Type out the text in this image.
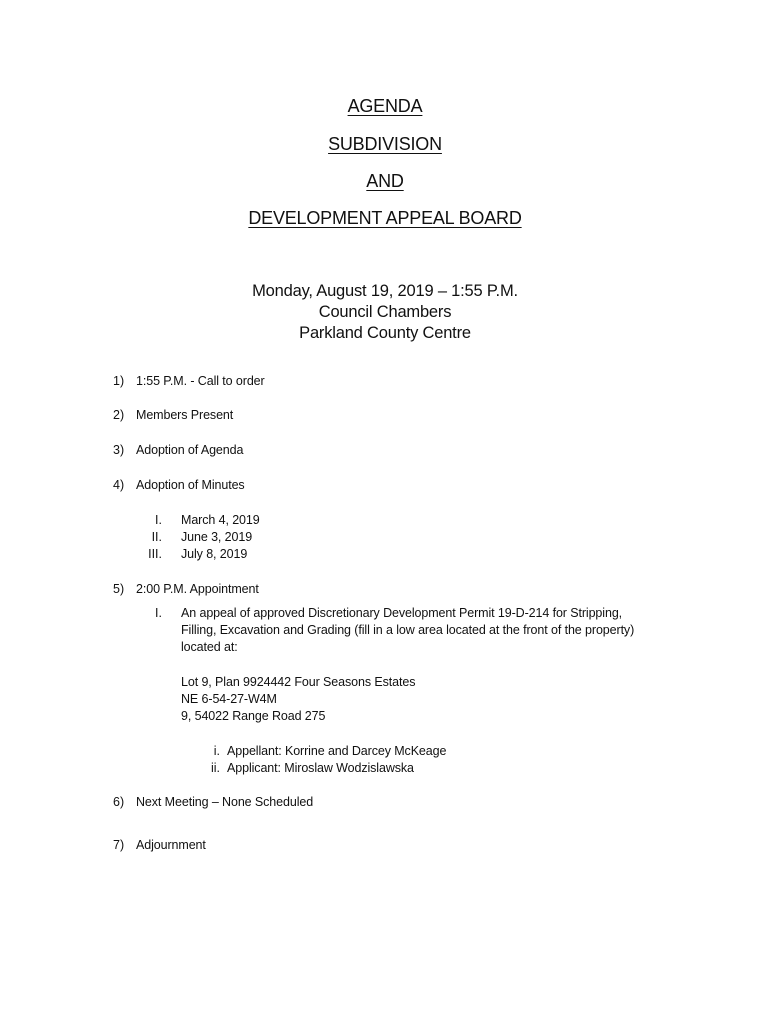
AGENDA
SUBDIVISION
AND
DEVELOPMENT APPEAL BOARD
Monday, August 19, 2019 – 1:55 P.M.
Council Chambers
Parkland County Centre
1) 1:55 P.M. - Call to order
2) Members Present
3) Adoption of Agenda
4) Adoption of Minutes
I. March 4, 2019
II. June 3, 2019
III. July 8, 2019
5) 2:00 P.M. Appointment
I. An appeal of approved Discretionary Development Permit 19-D-214 for Stripping,
Filling, Excavation and Grading (fill in a low area located at the front of the property)
located at:
Lot 9, Plan 9924442 Four Seasons Estates
NE 6-54-27-W4M
9, 54022 Range Road 275
i. Appellant: Korrine and Darcey McKeage
ii. Applicant: Miroslaw Wodzislawska
6) Next Meeting – None Scheduled
7) Adjournment
